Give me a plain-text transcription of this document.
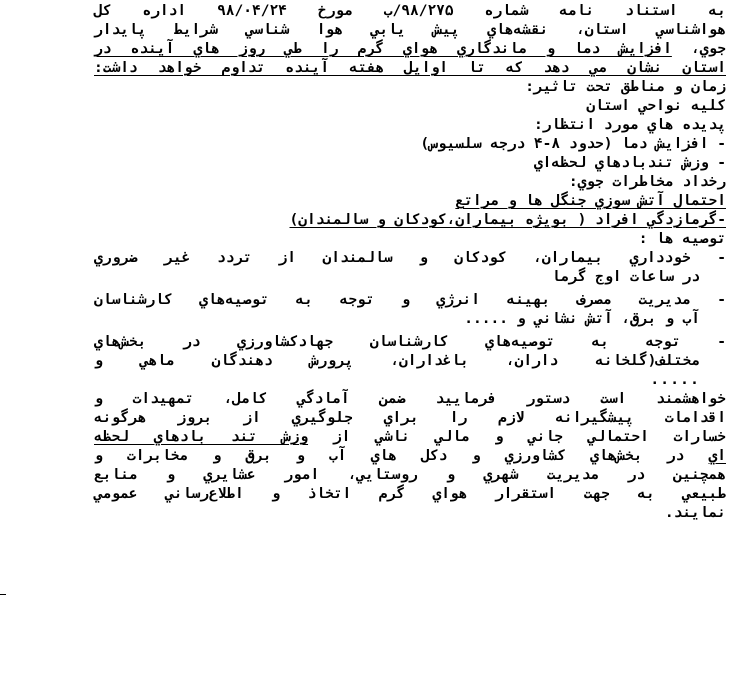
به استناد نامه شماره ۹۸/۲۷۵/ب مورخ ۹۸/۰۴/۲۴ اداره کل
هواشناسي استان، نقشه‌هاي پيش يابي هوا شناسي شرايط پايدار
جوي، افزايش دما و ماندگاري هواي گرم را طي روز هاي آينده در
استان نشان مي دهد که تا اوايل هفته آينده تداوم خواهد داشت:
زمان و مناطق تحت تاثير:
کليه نواحي استان
پديده هاي مورد انتظار:
- افزايش دما (حدود ۸-۴ درجه سلسيوس)
- وزش تندبادهاي لحظه‌اي
رخداد مخاطرات جوي:
احتمال آتش سوزي جنگل ها و مراتع
-گرمازدگي افراد ( بويژه بيماران،کودکان و سالمندان)
توصيه ها :
- خودداري بيماران، کودکان و سالمندان از تردد غير ضروري
در ساعات اوج گرما
- مديريت مصرف بهينه انرژي و توجه به توصيه‌هاي کارشناسان
آب و برق، آتش نشاني و .....
- توجه به توصيه‌هاي کارشناسان جهادکشاورزي در بخش‌هاي
مختلف(گلخانه داران، باغداران، پرورش دهندگان ماهي و
.....
خواهشمند است دستور فرماييد ضمن آمادگي کامل، تمهيدات و
اقدامات پيشگيرانه لازم را براي جلوگيري از بروز هرگونه
خسارات احتمالي جاني و مالي ناشي از وزش تند بادهاي لحظه
اي در بخش‌هاي کشاورزي و دکل هاي آب و برق و مخابرات و
همچنين در مديريت شهري و روستايي، امور عشايري و منابع
طبيعي به جهت استقرار هواي گرم اتخاذ و اطلاع‌رساني عمومي
نمايند.
